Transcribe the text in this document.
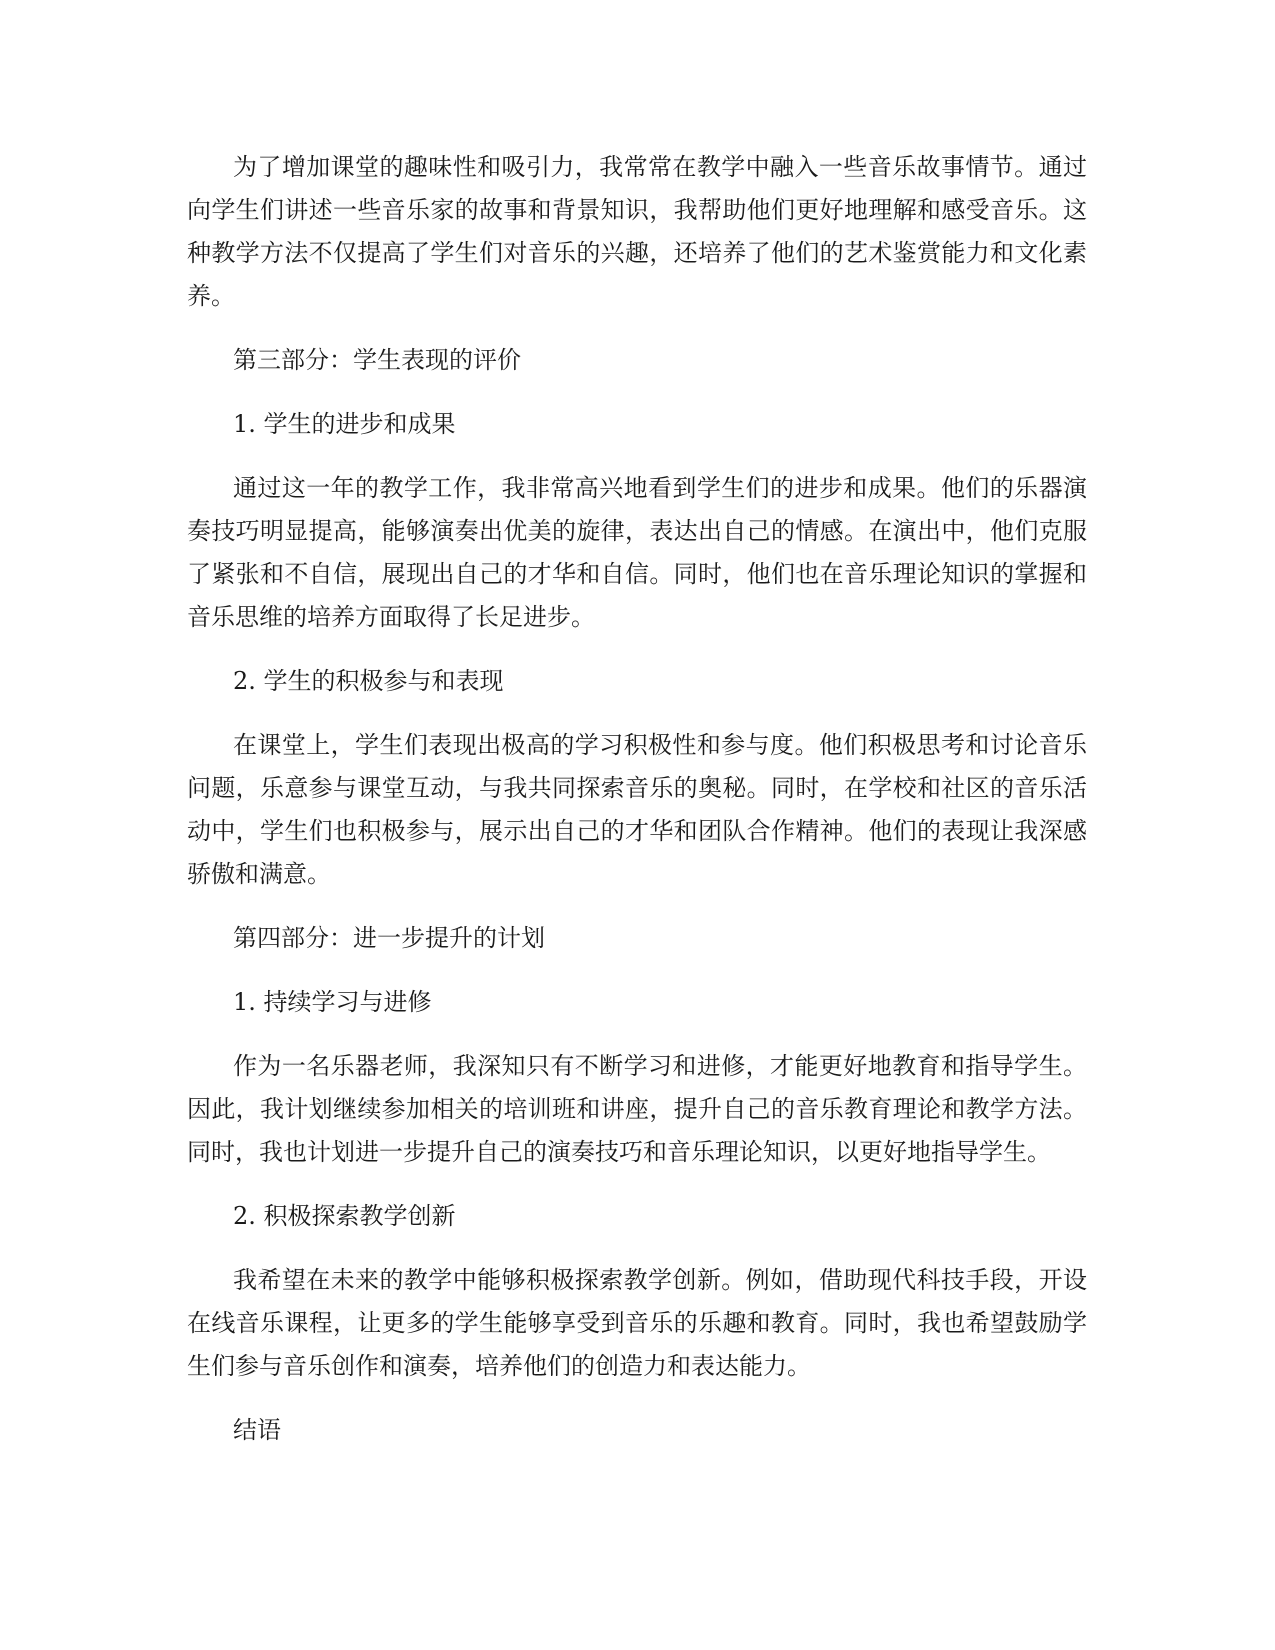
为了增加课堂的趣味性和吸引力，我常常在教学中融入一些音乐故事情节。通过向学生们讲述一些音乐家的故事和背景知识，我帮助他们更好地理解和感受音乐。这种教学方法不仅提高了学生们对音乐的兴趣，还培养了他们的艺术鉴赏能力和文化素养。

第三部分：学生表现的评价

1. 学生的进步和成果

通过这一年的教学工作，我非常高兴地看到学生们的进步和成果。他们的乐器演奏技巧明显提高，能够演奏出优美的旋律，表达出自己的情感。在演出中，他们克服了紧张和不自信，展现出自己的才华和自信。同时，他们也在音乐理论知识的掌握和音乐思维的培养方面取得了长足进步。

2. 学生的积极参与和表现

在课堂上，学生们表现出极高的学习积极性和参与度。他们积极思考和讨论音乐问题，乐意参与课堂互动，与我共同探索音乐的奥秘。同时，在学校和社区的音乐活动中，学生们也积极参与，展示出自己的才华和团队合作精神。他们的表现让我深感骄傲和满意。

第四部分：进一步提升的计划

1. 持续学习与进修

作为一名乐器老师，我深知只有不断学习和进修，才能更好地教育和指导学生。因此，我计划继续参加相关的培训班和讲座，提升自己的音乐教育理论和教学方法。同时，我也计划进一步提升自己的演奏技巧和音乐理论知识，以更好地指导学生。

2. 积极探索教学创新

我希望在未来的教学中能够积极探索教学创新。例如，借助现代科技手段，开设在线音乐课程，让更多的学生能够享受到音乐的乐趣和教育。同时，我也希望鼓励学生们参与音乐创作和演奏，培养他们的创造力和表达能力。

结语
